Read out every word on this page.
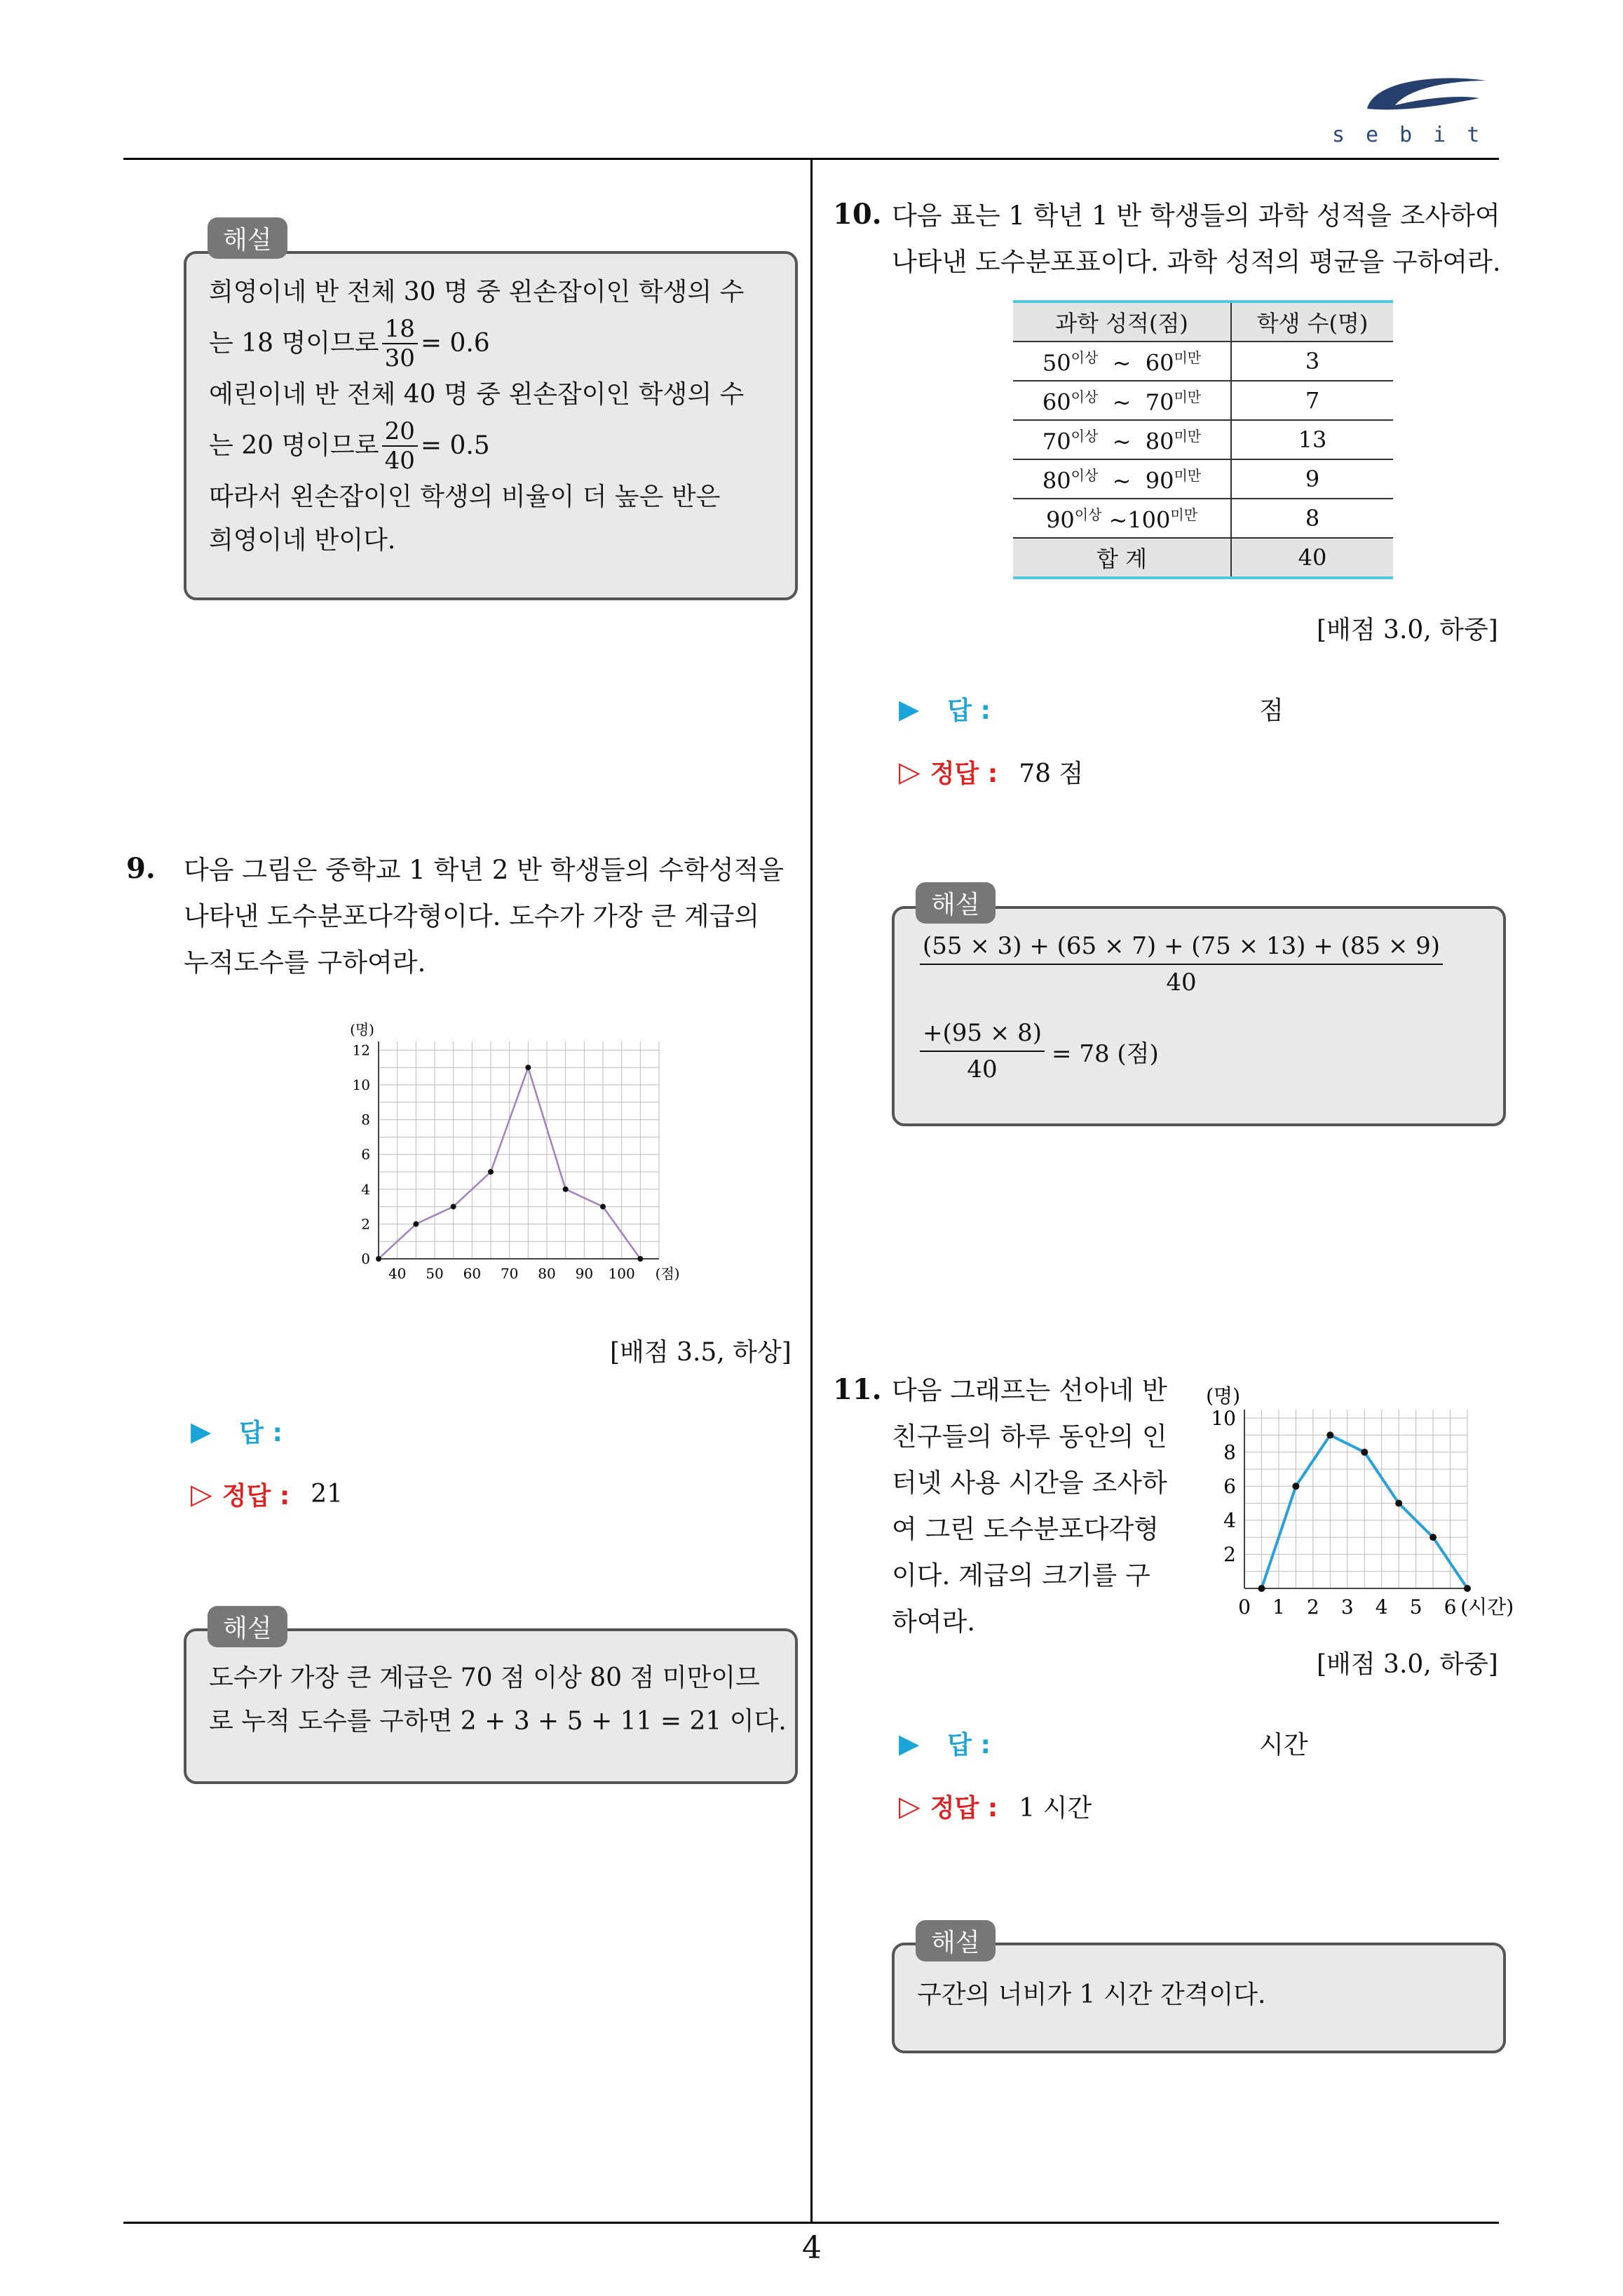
sebit
4
희영이네 반 전체 30 명 중 왼손잡이인 학생의 수
는 18 명이므로 $\frac{18}{30} = 0.6$
예린이네 반 전체 40 명 중 왼손잡이인 학생의 수
는 20 명이므로 $\frac{20}{40} = 0.5$
따라서 왼손잡이인 학생의 비율이 더 높은 반은
희영이네 반이다.
해설
9. 다음 그림은 중학교 1 학년 2 반 학생들의 수학성적을
나타낸 도수분포다각형이다. 도수가 가장 큰 계급의
누적도수를 구하여라.
0
2
4
6
8
10
12
40 50 60 70 80 90 100
(명)
(점)
[배점 3.5, 하상]
▶ 답 :
▷ 정답 : 21
도수가 가장 큰 계급은 70 점 이상 80 점 미만이므
로 누적 도수를 구하면 2 + 3 + 5 + 11 = 21 이다.
해설
10. 다음 표는 1 학년 1 반 학생들의 과학 성적을 조사하여
나타낸 도수분포표이다. 과학 성적의 평균을 구하여라.
과학 성적(점)	학생 수(명)
$50^{이상}$ ~ $60^{미만}$	3
$60^{이상}$ ~ $70^{미만}$	7
$70^{이상}$ ~ $80^{미만}$	13
$80^{이상}$ ~ $90^{미만}$	9
$90^{이상}$ $\sim 100^{미만}$	8
합 계	40
[배점 3.0, 하중]
▶ 답 :	점
▷ 정답 : 78 점
$\frac{(55 \times 3) + (65 \times 7) + (75 \times 13) + (85 \times 9)}{40}$
$\frac{+(95 \times 8)}{40} = 78$ (점)
해설
11. 다음 그래프는 선아네 반
친구들의 하루 동안의 인
터넷 사용 시간을 조사하
여 그린 도수분포다각형
이다. 계급의 크기를 구
하여라.
2
4
6
8
10
0 1 2 3 4 5 6
(명)
(시간)
[배점 3.0, 하중]
▶ 답 :	시간
▷ 정답 : 1 시간
구간의 너비가 1 시간 간격이다.
해설
